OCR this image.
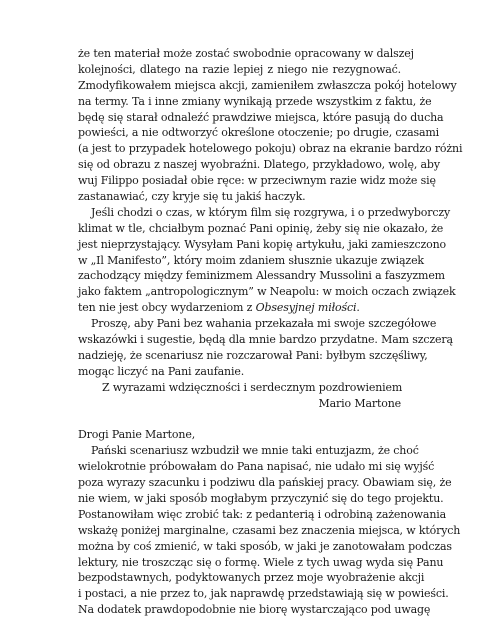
że ten materiał może zostać swobodnie opracowany w dalszej
kolejności, dlatego na razie lepiej z niego nie rezygnować.
Zmodyfikowałem miejsca akcji, zamieniłem zwłaszcza pokój hotelowy
na termy. Ta i inne zmiany wynikają przede wszystkim z faktu, że
będę się starał odnaleźć prawdziwe miejsca, które pasują do ducha
powieści, a nie odtworzyć określone otoczenie; po drugie, czasami
(a jest to przypadek hotelowego pokoju) obraz na ekranie bardzo różni
się od obrazu z naszej wyobraźni. Dlatego, przykładowo, wolę, aby
wuj Filippo posiadał obie ręce: w przeciwnym razie widz może się
zastanawiać, czy kryje się tu jakiś haczyk.
Jeśli chodzi o czas, w którym film się rozgrywa, i o przedwyborczy
klimat w tle, chciałbym poznać Pani opinię, żeby się nie okazało, że
jest nieprzystający. Wysyłam Pani kopię artykułu, jaki zamieszczono
w „Il Manifesto”, który moim zdaniem słusznie ukazuje związek
zachodzący między feminizmem Alessandry Mussolini a faszyzmem
jako faktem „antropologicznym” w Neapolu: w moich oczach związek
ten nie jest obcy wydarzeniom z Obsesyjnej miłości.
Proszę, aby Pani bez wahania przekazała mi swoje szczegółowe
wskazówki i sugestie, będą dla mnie bardzo przydatne. Mam szczerą
nadzieję, że scenariusz nie rozczarował Pani: byłbym szczęśliwy,
mogąc liczyć na Pani zaufanie.
Z wyrazami wdzięczności i serdecznym pozdrowieniem
Mario Martone
Drogi Panie Martone,
Pański scenariusz wzbudził we mnie taki entuzjazm, że choć
wielokrotnie próbowałam do Pana napisać, nie udało mi się wyjść
poza wyrazy szacunku i podziwu dla pańskiej pracy. Obawiam się, że
nie wiem, w jaki sposób mogłabym przyczynić się do tego projektu.
Postanowiłam więc zrobić tak: z pedanterią i odrobiną zażenowania
wskażę poniżej marginalne, czasami bez znaczenia miejsca, w których
można by coś zmienić, w taki sposób, w jaki je zanotowałam podczas
lektury, nie troszcząc się o formę. Wiele z tych uwag wyda się Panu
bezpodstawnych, podyktowanych przez moje wyobrażenie akcji
i postaci, a nie przez to, jak naprawdę przedstawiają się w powieści.
Na dodatek prawdopodobnie nie biorę wystarczająco pod uwagę
